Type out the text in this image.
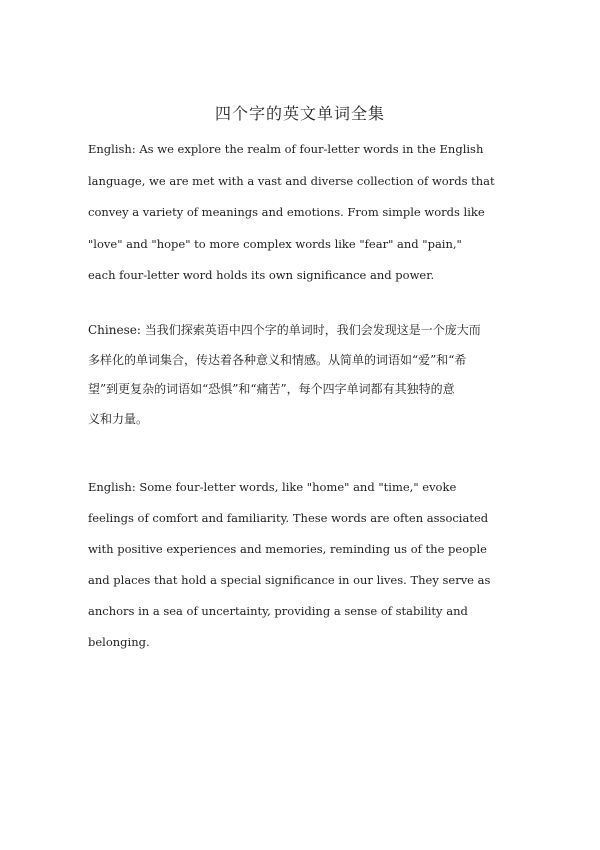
四个字的英文单词全集
English: As we explore the realm of four-letter words in the English
language, we are met with a vast and diverse collection of words that
convey a variety of meanings and emotions. From simple words like
"love" and "hope" to more complex words like "fear" and "pain,"
each four-letter word holds its own significance and power.
Chinese: 当我们探索英语中四个字的单词时，我们会发现这是一个庞大而
多样化的单词集合，传达着各种意义和情感。从简单的词语如“爱”和“希
望”到更复杂的词语如“恐惧”和“痛苦”，每个四字单词都有其独特的意
义和力量。
English: Some four-letter words, like "home" and "time," evoke
feelings of comfort and familiarity. These words are often associated
with positive experiences and memories, reminding us of the people
and places that hold a special significance in our lives. They serve as
anchors in a sea of uncertainty, providing a sense of stability and
belonging.
